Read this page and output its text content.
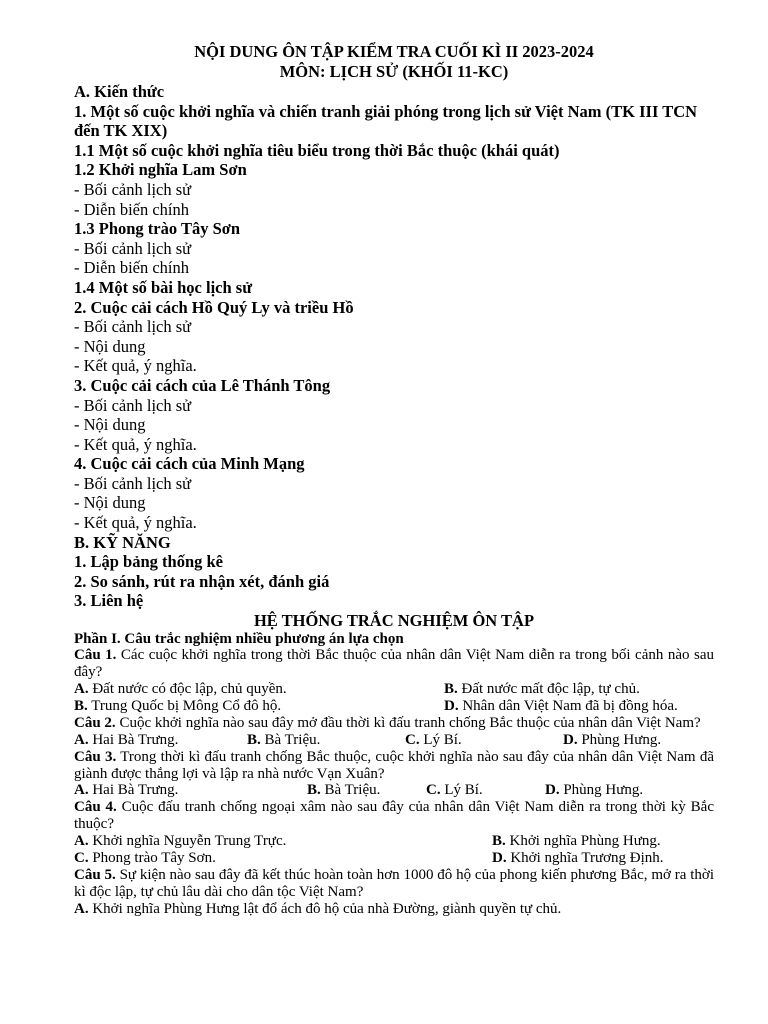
NỘI DUNG ÔN TẬP KIỂM TRA CUỐI KÌ II 2023-2024
MÔN: LỊCH SỬ (KHỐI 11-KC)
A. Kiến thức
1. Một số cuộc khởi nghĩa và chiến tranh giải phóng trong lịch sử Việt Nam (TK III TCN đến TK XIX)
1.1 Một số cuộc khởi nghĩa tiêu biểu trong thời Bắc thuộc (khái quát)
1.2 Khởi nghĩa Lam Sơn
- Bối cảnh lịch sử
- Diễn biến chính
1.3 Phong trào Tây Sơn
- Bối cảnh lịch sử
- Diễn biến chính
1.4 Một số bài học lịch sử
2. Cuộc cải cách Hồ Quý Ly và triều Hồ
- Bối cảnh lịch sử
- Nội dung
- Kết quả, ý nghĩa.
3. Cuộc cải cách của Lê Thánh Tông
- Bối cảnh lịch sử
- Nội dung
- Kết quả, ý nghĩa.
4. Cuộc cải cách của Minh Mạng
- Bối cảnh lịch sử
- Nội dung
- Kết quả, ý nghĩa.
B. KỸ NĂNG
1. Lập bảng thống kê
2. So sánh, rút ra nhận xét, đánh giá
3. Liên hệ
HỆ THỐNG TRẮC NGHIỆM ÔN TẬP
Phần I. Câu trắc nghiệm nhiều phương án lựa chọn
Câu 1. Các cuộc khởi nghĩa trong thời Bắc thuộc của nhân dân Việt Nam diễn ra trong bối cảnh nào sau đây?
A. Đất nước có độc lập, chủ quyền.	B. Đất nước mất độc lập, tự chủ.
B. Trung Quốc bị Mông Cổ đô hộ.	D. Nhân dân Việt Nam đã bị đồng hóa.
Câu 2. Cuộc khởi nghĩa nào sau đây mở đầu thời kì đấu tranh chống Bắc thuộc của nhân dân Việt Nam?
A. Hai Bà Trưng.	B. Bà Triệu.	C. Lý Bí.	D. Phùng Hưng.
Câu 3. Trong thời kì đấu tranh chống Bắc thuộc, cuộc khởi nghĩa nào sau đây của nhân dân Việt Nam đã giành được thắng lợi và lập ra nhà nước Vạn Xuân?
A. Hai Bà Trưng.	B. Bà Triệu.	C. Lý Bí.	D. Phùng Hưng.
Câu 4. Cuộc đấu tranh chống ngoại xâm nào sau đây của nhân dân Việt Nam diễn ra trong thời kỳ Bắc thuộc?
A. Khởi nghĩa Nguyễn Trung Trực.	B. Khởi nghĩa Phùng Hưng.
C. Phong trào Tây Sơn.	D. Khởi nghĩa Trương Định.
Câu 5. Sự kiện nào sau đây đã kết thúc hoàn toàn hơn 1000 đô hộ của phong kiến phương Bắc, mở ra thời kì độc lập, tự chủ lâu dài cho dân tộc Việt Nam?
A. Khởi nghĩa Phùng Hưng lật đổ ách đô hộ của nhà Đường, giành quyền tự chủ.
